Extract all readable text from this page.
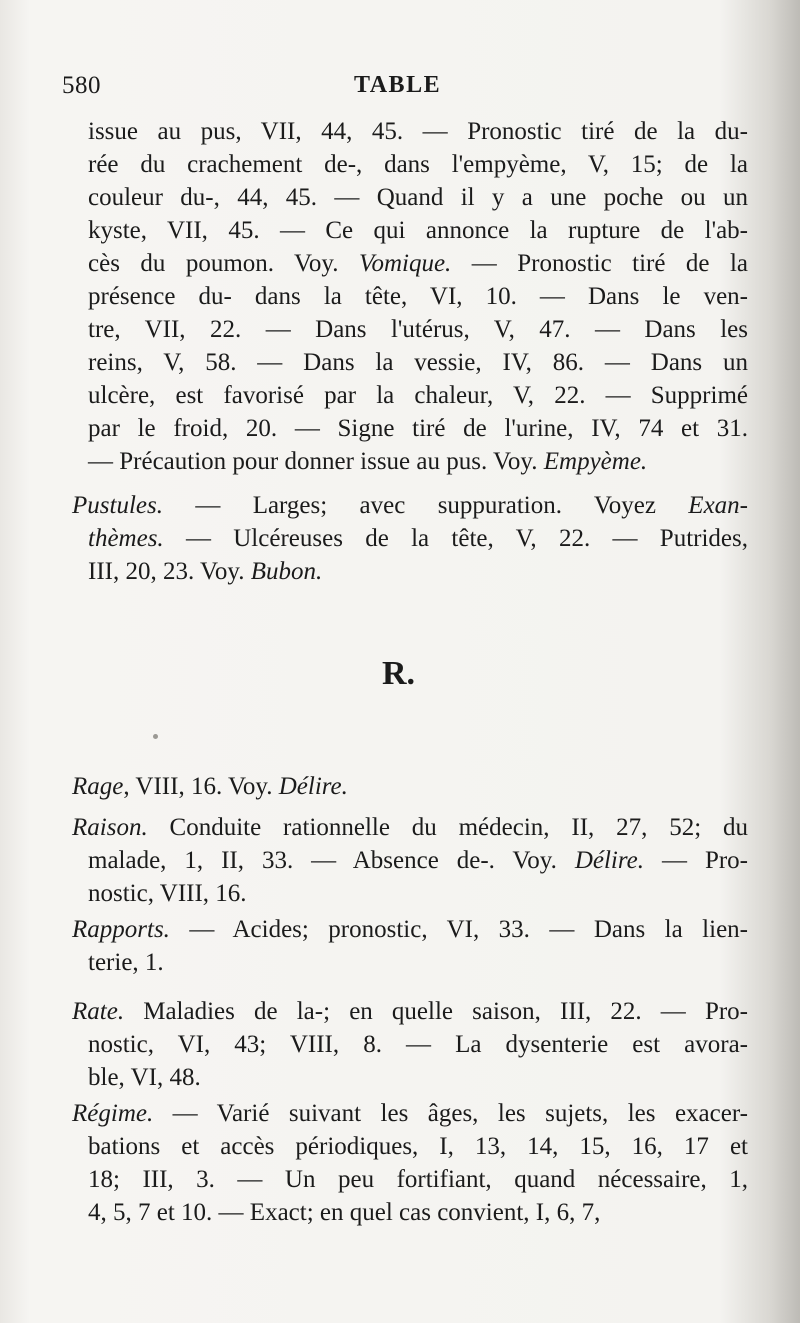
580	TABLE
issue au pus, VII, 44, 45. — Pronostic tiré de la du-
rée du crachement de-, dans l'empyème, V, 15; de la
couleur du-, 44, 45. — Quand il y a une poche ou un
kyste, VII, 45. — Ce qui annonce la rupture de l'ab-
cès du poumon. Voy. Vomique. — Pronostic tiré de la
présence du- dans la tête, VI, 10. — Dans le ven-
tre, VII, 22. — Dans l'utérus, V, 47. — Dans les
reins, V, 58. — Dans la vessie, IV, 86. — Dans un
ulcère, est favorisé par la chaleur, V, 22. — Supprimé
par le froid, 20. — Signe tiré de l'urine, IV, 74 et 31.
— Précaution pour donner issue au pus. Voy. Empyème.
Pustules. — Larges; avec suppuration. Voyez Exan-
thèmes. — Ulcéreuses de la tête, V, 22. — Putrides,
III, 20, 23. Voy. Bubon.
Rage, VIII, 16. Voy. Délire.
Raison. Conduite rationnelle du médecin, II, 27, 52; du
malade, 1, II, 33. — Absence de-. Voy. Délire. — Pro-
nostic, VIII, 16.
Rapports. — Acides; pronostic, VI, 33. — Dans la lien-
terie, 1.
Rate. Maladies de la-; en quelle saison, III, 22. — Pro-
nostic, VI, 43; VIII, 8. — La dysenterie est avora-
ble, VI, 48.
Régime. — Varié suivant les âges, les sujets, les exacer-
bations et accès périodiques, I, 13, 14, 15, 16, 17 et
18; III, 3. — Un peu fortifiant, quand nécessaire, 1,
4, 5, 7 et 10. — Exact; en quel cas convient, I, 6, 7,
R.
